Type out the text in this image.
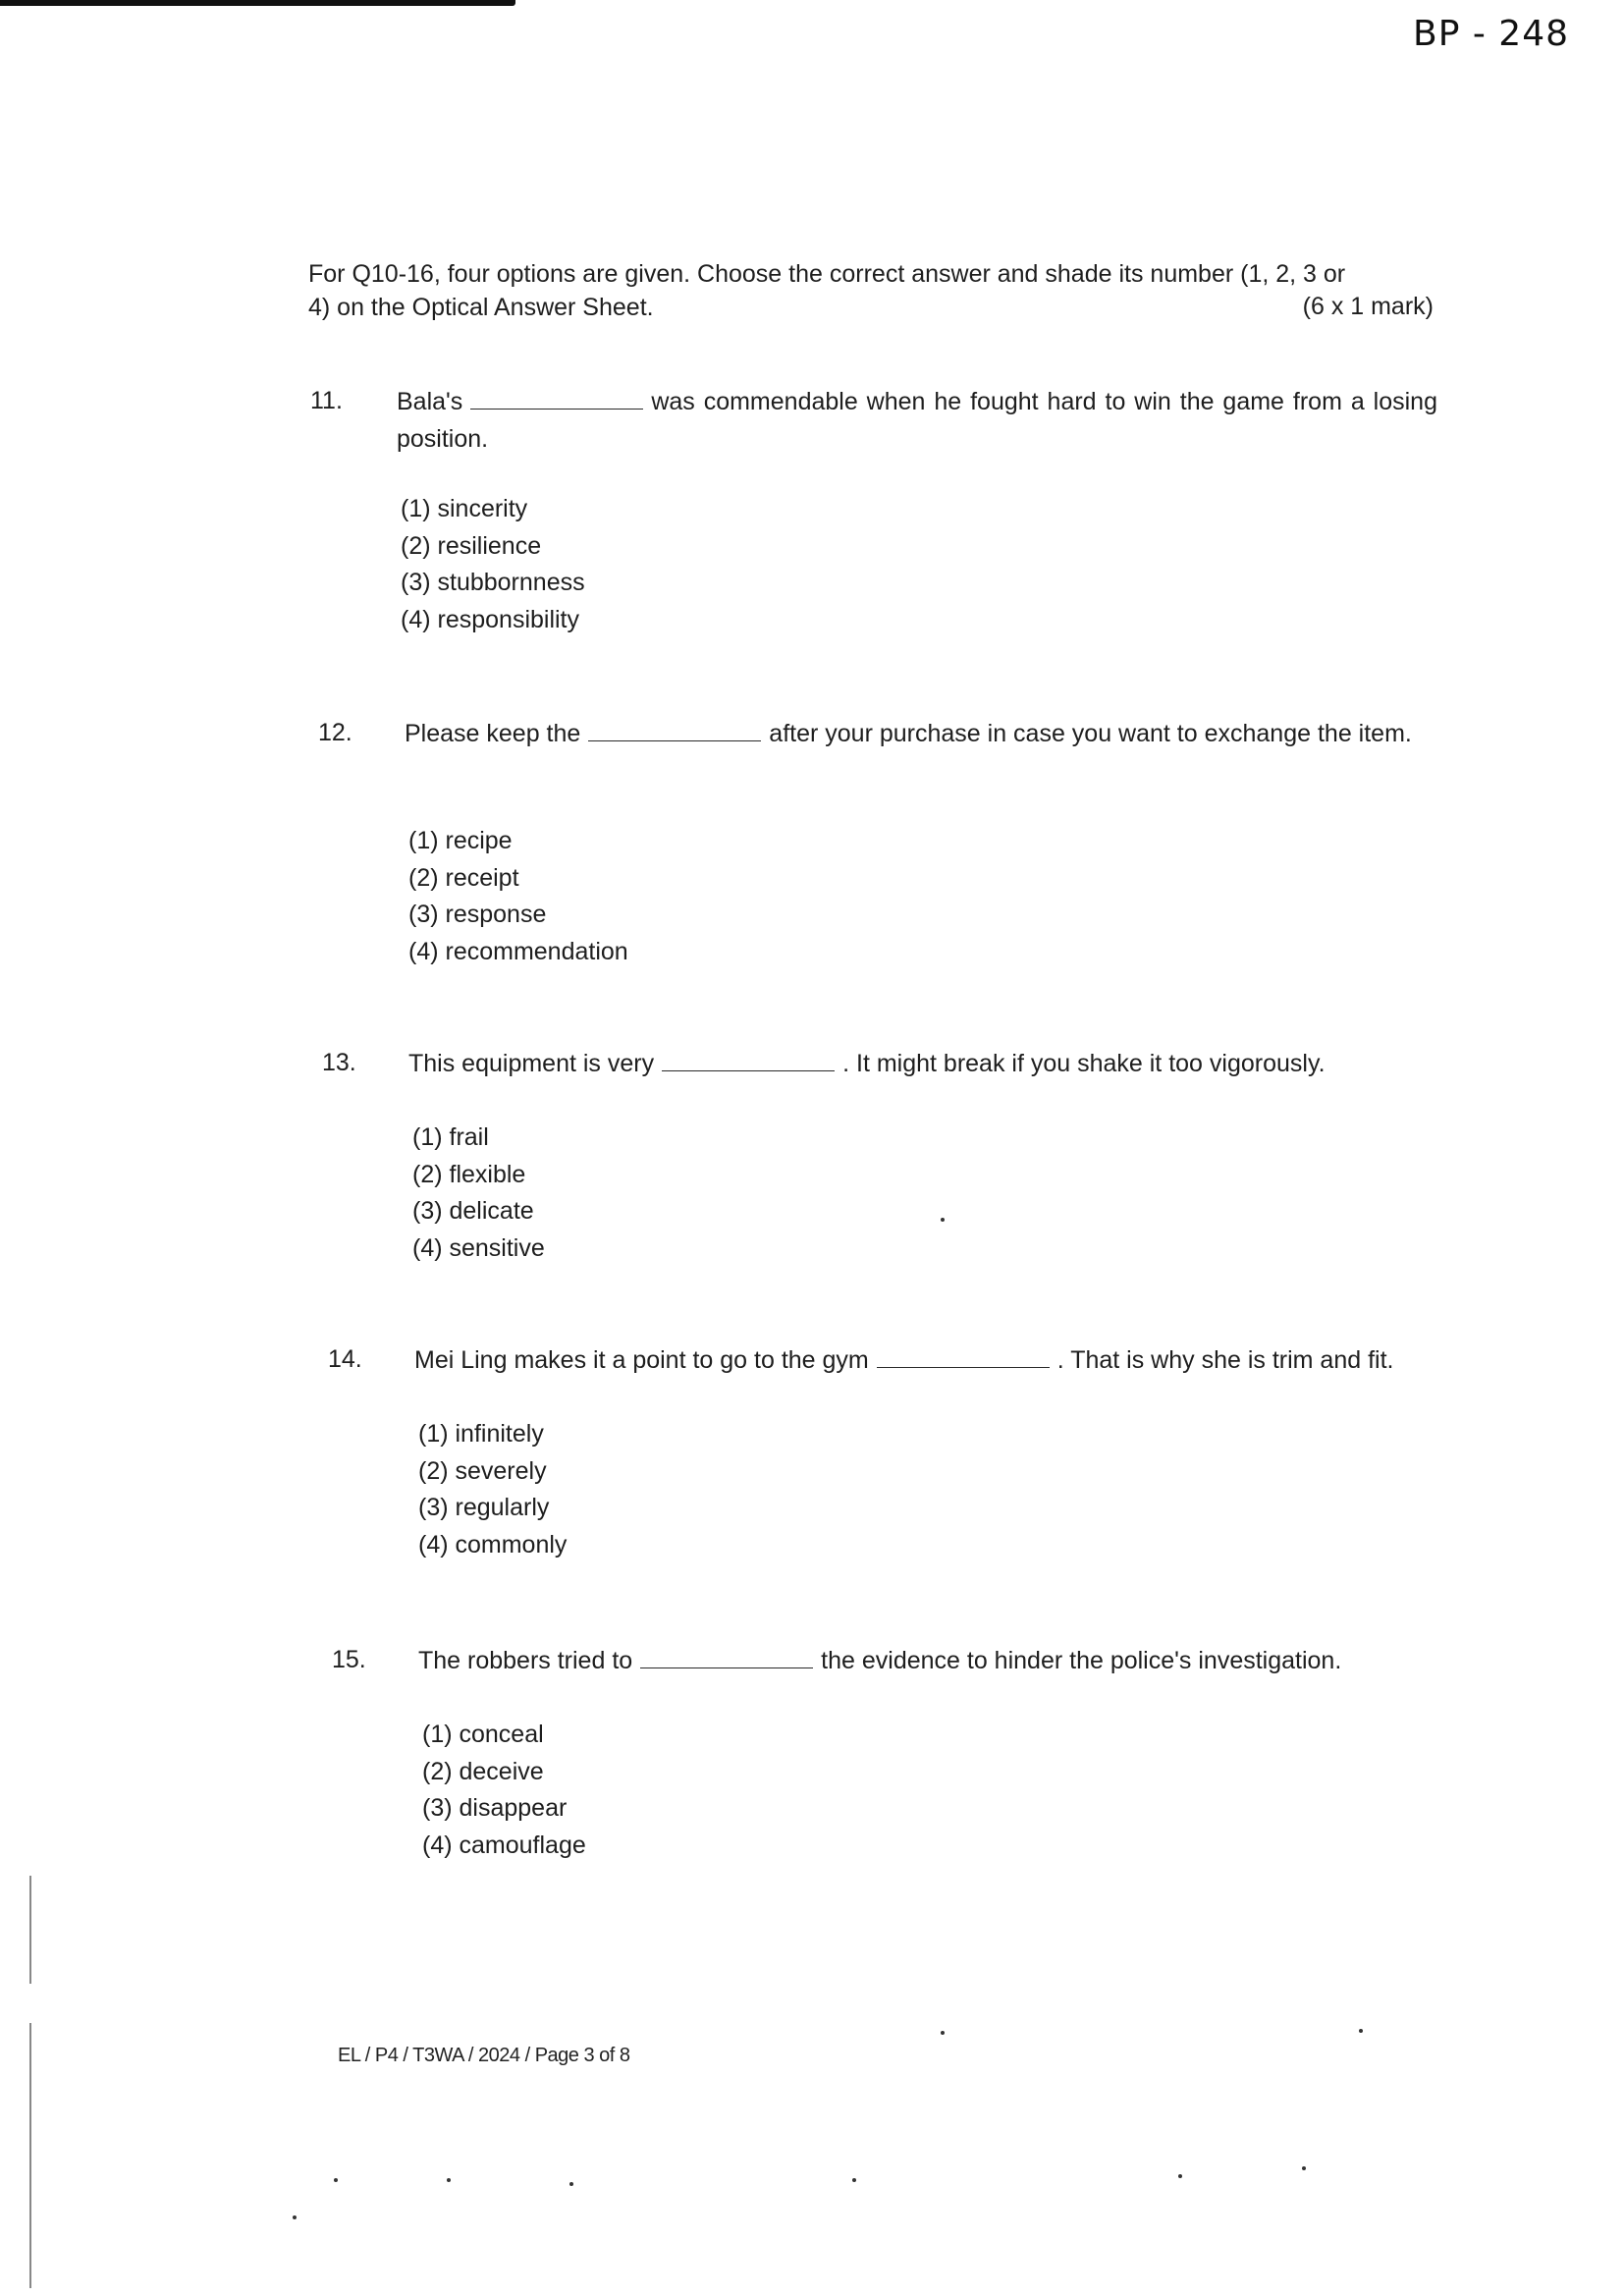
BP - 248
For Q10-16, four options are given. Choose the correct answer and shade its number (1, 2, 3 or
4) on the Optical Answer Sheet.	(6 x 1 mark)
11.	Bala's	was commendable when he fought hard to win the game from a losing position.
(1) sincerity
(2) resilience
(3) stubbornness
(4) responsibility
12.	Please keep the	after your purchase in case you want to exchange the item.
(1) recipe
(2) receipt
(3) response
(4) recommendation
13.	This equipment is very	. It might break if you shake it too vigorously.
(1) frail
(2) flexible
(3) delicate
(4) sensitive
14.	Mei Ling makes it a point to go to the gym	. That is why she is trim and fit.
(1) infinitely
(2) severely
(3) regularly
(4) commonly
15.	The robbers tried to	the evidence to hinder the police's investigation.
(1) conceal
(2) deceive
(3) disappear
(4) camouflage
EL / P4 / T3WA / 2024 / Page 3 of 8
